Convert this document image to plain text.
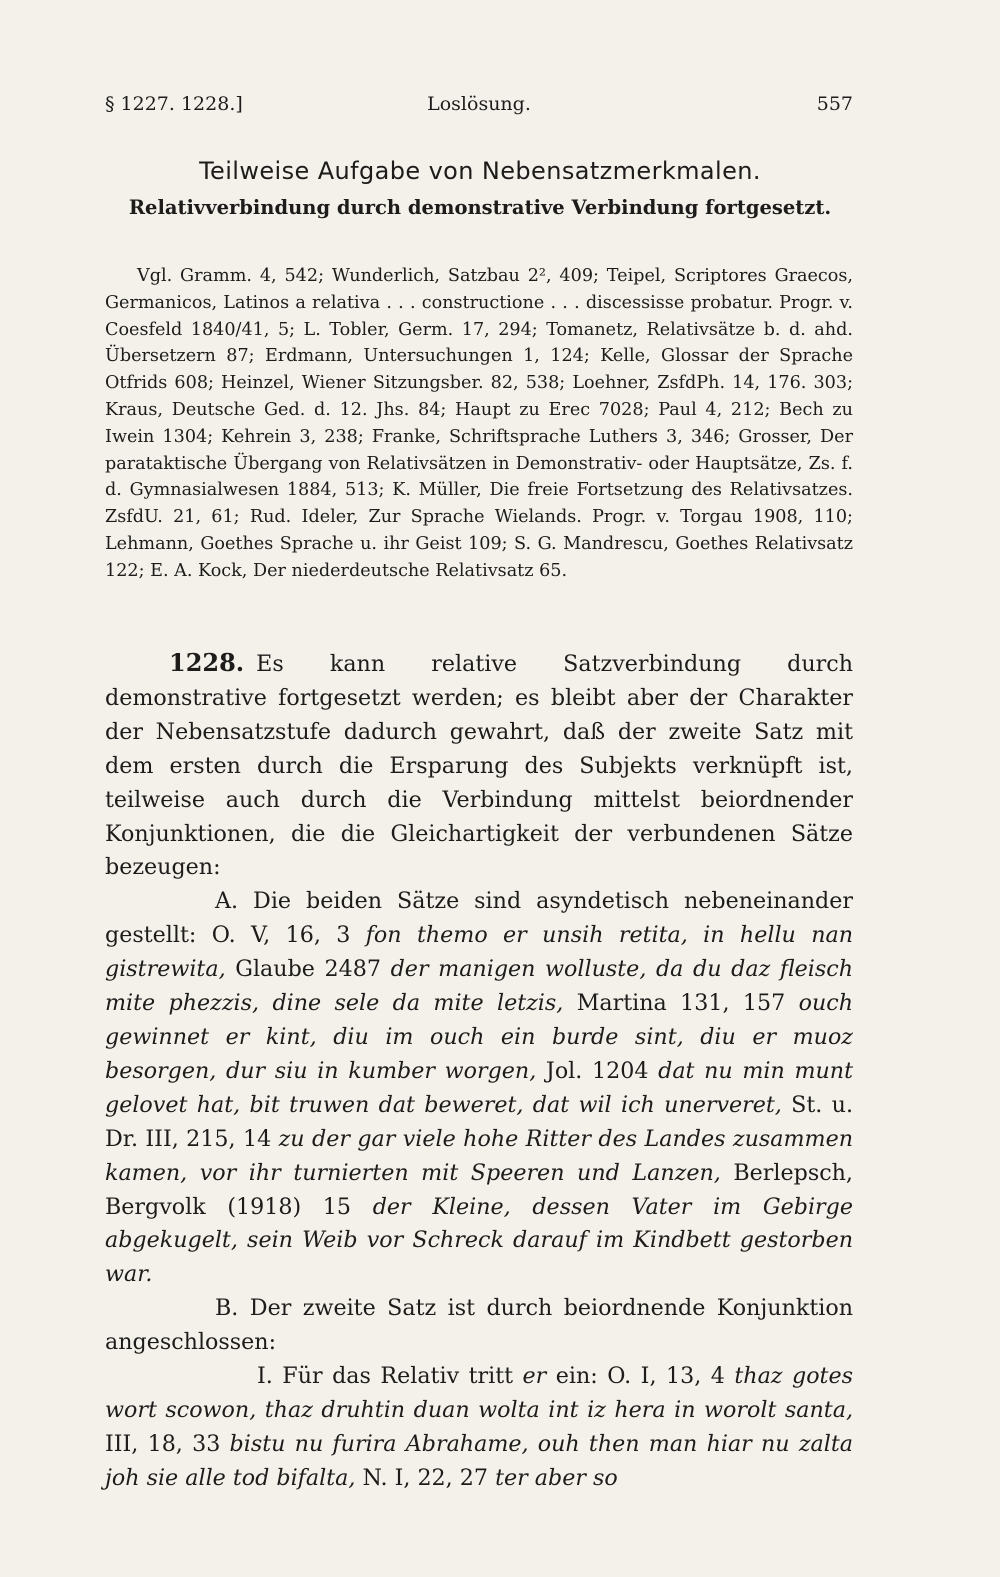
§ 1227. 1228.]	Loslösung.	557
Teilweise Aufgabe von Nebensatzmerkmalen.
Relativverbindung durch demonstrative Verbindung fortgesetzt.
Vgl. Gramm. 4, 542; Wunderlich, Satzbau 2², 409; Teipel, Scriptores Graecos, Germanicos, Latinos a relativa . . . constructione . . . discessisse probatur. Progr. v. Coesfeld 1840/41, 5; L. Tobler, Germ. 17, 294; Tomanetz, Relativsätze b. d. ahd. Übersetzern 87; Erdmann, Untersuchungen 1, 124; Kelle, Glossar der Sprache Otfrids 608; Heinzel, Wiener Sitzungsber. 82, 538; Loehner, ZsfdPh. 14, 176. 303; Kraus, Deutsche Ged. d. 12. Jhs. 84; Haupt zu Erec 7028; Paul 4, 212; Bech zu Iwein 1304; Kehrein 3, 238; Franke, Schriftsprache Luthers 3, 346; Grosser, Der parataktische Übergang von Relativsätzen in Demonstrativ- oder Hauptsätze, Zs. f. d. Gymnasialwesen 1884, 513; K. Müller, Die freie Fortsetzung des Relativsatzes. ZsfdU. 21, 61; Rud. Ideler, Zur Sprache Wielands. Progr. v. Torgau 1908, 110; Lehmann, Goethes Sprache u. ihr Geist 109; S. G. Mandrescu, Goethes Relativsatz 122; E. A. Kock, Der niederdeutsche Relativsatz 65.

1228. Es kann relative Satzverbindung durch demonstrative fortgesetzt werden; es bleibt aber der Charakter der Nebensatzstufe dadurch gewahrt, daß der zweite Satz mit dem ersten durch die Ersparung des Subjekts verknüpft ist, teilweise auch durch die Verbindung mittelst beiordnender Konjunktionen, die die Gleichartigkeit der verbundenen Sätze bezeugen:

A. Die beiden Sätze sind asyndetisch nebeneinander gestellt: O. V, 16, 3 fon themo er unsih retita, in hellu nan gistrewita, Glaube 2487 der manigen wolluste, da du daz fleisch mite phezzis, dine sele da mite letzis, Martina 131, 157 ouch gewinnet er kint, diu im ouch ein burde sint, diu er muoz besorgen, dur siu in kumber worgen, Jol. 1204 dat nu min munt gelovet hat, bit truwen dat beweret, dat wil ich unerveret, St. u. Dr. III, 215, 14 zu der gar viele hohe Ritter des Landes zusammen kamen, vor ihr turnierten mit Speeren und Lanzen, Berlepsch, Bergvolk (1918) 15 der Kleine, dessen Vater im Gebirge abgekugelt, sein Weib vor Schreck darauf im Kindbett gestorben war.

B. Der zweite Satz ist durch beiordnende Konjunktion angeschlossen:

I. Für das Relativ tritt er ein: O. I, 13, 4 thaz gotes wort scowon, thaz druhtin duan wolta int iz hera in worolt santa, III, 18, 33 bistu nu furira Abrahame, ouh then man hiar nu zalta joh sie alle tod bifalta, N. I, 22, 27 ter aber so
